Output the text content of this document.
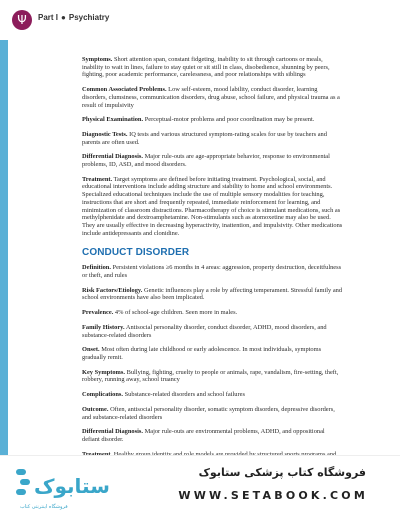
Ψ	Part I ● Psychiatry

Symptoms. Short attention span, constant fidgeting, inability to sit through cartoons or meals, inability to wait in lines, failure to stay quiet or sit still in class, disobedience, shunning by peers, fighting, poor academic performance, carelessness, and poor relationships with siblings

Common Associated Problems. Low self-esteem, mood lability, conduct disorder, learning disorders, clumsiness, communication disorders, drug abuse, school failure, and physical trauma as a result of impulsivity

Physical Examination. Perceptual-motor problems and poor coordination may be present.

Diagnostic Tests. IQ tests and various structured symptom-rating scales for use by teachers and parents are often used.

Differential Diagnosis. Major rule-outs are age-appropriate behavior, response to environmental problems, ID, ASD, and mood disorders.

Treatment. Target symptoms are defined before initiating treatment. Psychological, social, and educational interventions include adding structure and stability to home and school environments. Specialized educational techniques include the use of multiple sensory modalities for teaching, instructions that are short and frequently repeated, immediate reinforcement for learning, and minimization of classroom distractions. Pharmacotherapy of choice is stimulant medications, such as methylphenidate and dextroamphetamine. Non-stimulants such as atomoxetine may also be used. They are usually effective in decreasing hyperactivity, inattention, and impulsivity. Other medications include antidepressants and clonidine.

CONDUCT DISORDER

Definition. Persistent violations ≥6 months in 4 areas: aggression, property destruction, deceitfulness or theft, and rules

Risk Factors/Etiology. Genetic influences play a role by affecting temperament. Stressful family and school environments have also been implicated.

Prevalence. 4% of school-age children. Seen more in males.

Family History. Antisocial personality disorder, conduct disorder, ADHD, mood disorders, and substance-related disorders

Onset. Most often during late childhood or early adolescence. In most individuals, symptoms gradually remit.

Key Symptoms. Bullying, fighting, cruelty to people or animals, rape, vandalism, fire-setting, theft, robbery, running away, school truancy

Complications. Substance-related disorders and school failures

Outcome. Often, antisocial personality disorder, somatic symptom disorders, depressive disorders, and substance-related disorders

Differential Diagnosis. Major rule-outs are environmental problems, ADHD, and oppositional defiant disorder.

ستابوک
فروشگاه اینترنتی کتاب
فروشگاه کتاب پزشکی ستابوک
WWW.SETABOOK.COM
